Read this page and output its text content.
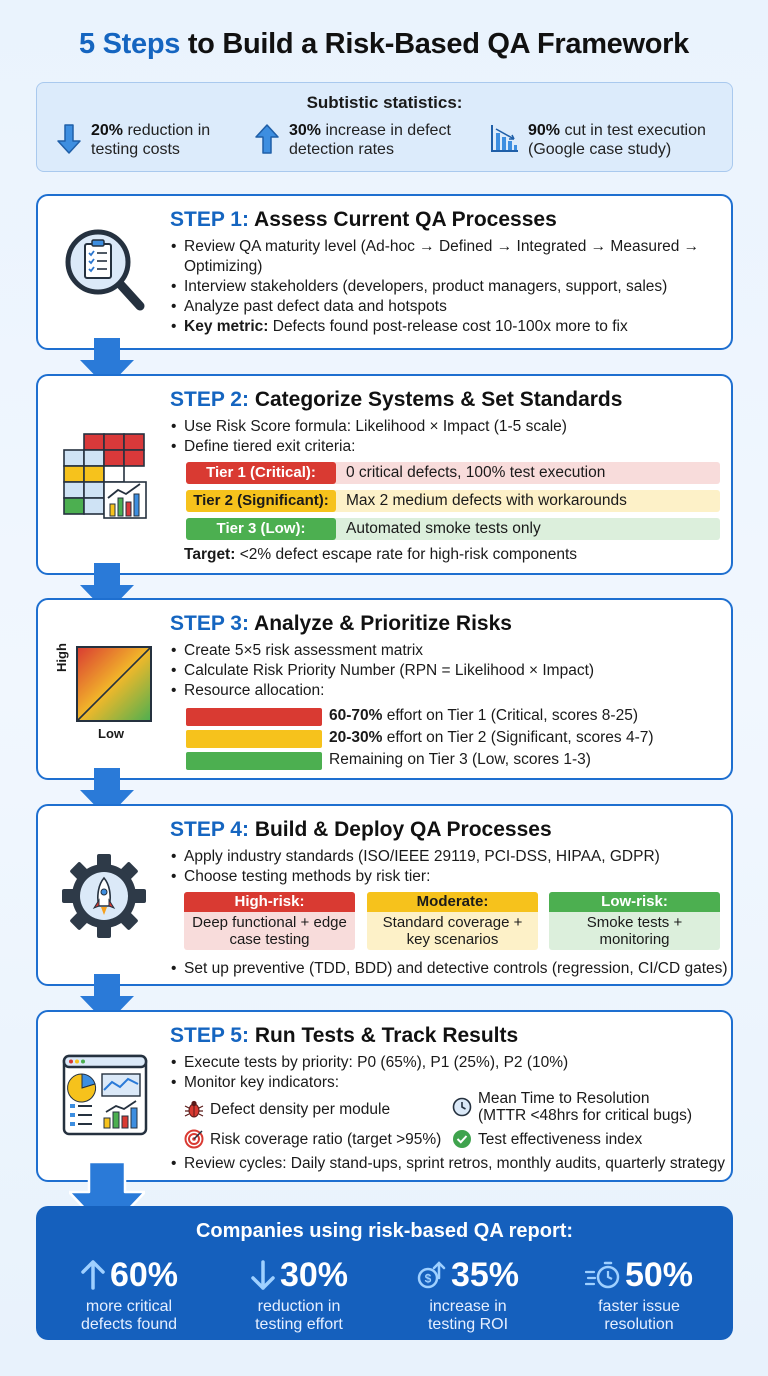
5 Steps to Build a Risk-Based QA Framework
Subtistic statistics:
20% reduction in
testing costs
30% increase in defect
detection rates
90% cut in test execution
(Google case study)
STEP 1: Assess Current QA Processes
• Review QA maturity level (Ad-hoc → Defined → Integrated → Measured →
Optimizing)
• Interview stakeholders (developers, product managers, support, sales)
• Analyze past defect data and hotspots
• Key metric: Defects found post-release cost 10-100x more to fix
STEP 2: Categorize Systems & Set Standards
• Use Risk Score formula: Likelihood × Impact (1-5 scale)
• Define tiered exit criteria:
Tier 1 (Critical):	0 critical defects, 100% test execution
Tier 2 (Significant):	Max 2 medium defects with workarounds
Tier 3 (Low):	Automated smoke tests only
Target: <2% defect escape rate for high-risk components
High
Low
STEP 3: Analyze & Prioritize Risks
• Create 5×5 risk assessment matrix
• Calculate Risk Priority Number (RPN = Likelihood × Impact)
• Resource allocation:
60-70% effort on Tier 1 (Critical, scores 8-25)
20-30% effort on Tier 2 (Significant, scores 4-7)
Remaining on Tier 3 (Low, scores 1-3)
STEP 4: Build & Deploy QA Processes
• Apply industry standards (ISO/IEEE 29119, PCI-DSS, HIPAA, GDPR)
• Choose testing methods by risk tier:
High-risk:
Deep functional + edge
case testing
Moderate:
Standard coverage +
key scenarios
Low-risk:
Smoke tests +
monitoring
• Set up preventive (TDD, BDD) and detective controls (regression, CI/CD gates)
STEP 5: Run Tests & Track Results
• Execute tests by priority: P0 (65%), P1 (25%), P2 (10%)
• Monitor key indicators:
Defect density per module
Risk coverage ratio (target >95%)
Mean Time to Resolution
(MTTR <48hrs for critical bugs)
Test effectiveness index
• Review cycles: Daily stand-ups, sprint retros, monthly audits, quarterly strategy
Companies using risk-based QA report:
60%
more critical
defects found
30%
reduction in
testing effort
$ 35%
increase in
testing ROI
50%
faster issue
resolution
